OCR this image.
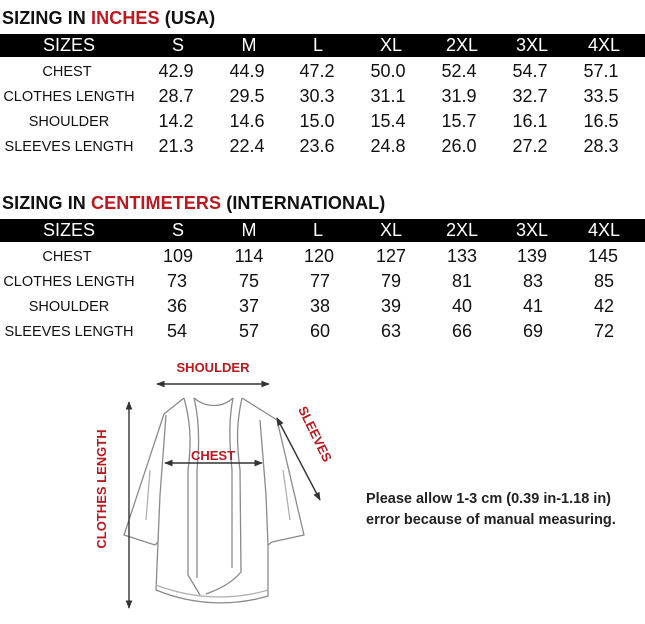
SIZING IN INCHES (USA)
SIZES	S	M	L	XL 2XL 3XL 4XL
CHEST	42.9 44.9 47.2 50.0 52.4 54.7 57.1
CLOTHES LENGTH 28.7 29.5 30.3 31.1 31.9 32.7 33.5
SHOULDER	14.2 14.6 15.0 15.4 15.7 16.1 16.5
SLEEVES LENGTH 21.3 22.4 23.6 24.8 26.0 27.2 28.3
SIZING IN CENTIMETERS (INTERNATIONAL)
SIZES	S	M	L	XL 2XL 3XL 4XL
CHEST	109 114 120 127 133 139 145
CLOTHES LENGTH 73	75	77	79	81	83	85
SHOULDER	36	37	38	39	40	41	42
SLEEVES LENGTH 54	57	60	63	66	69	72
SHOULDER
CHEST	SLEEVES
CLOTHES LENGTH	Please allow 1-3 cm (0.39 in-1.18 in)
error because of manual measuring.
